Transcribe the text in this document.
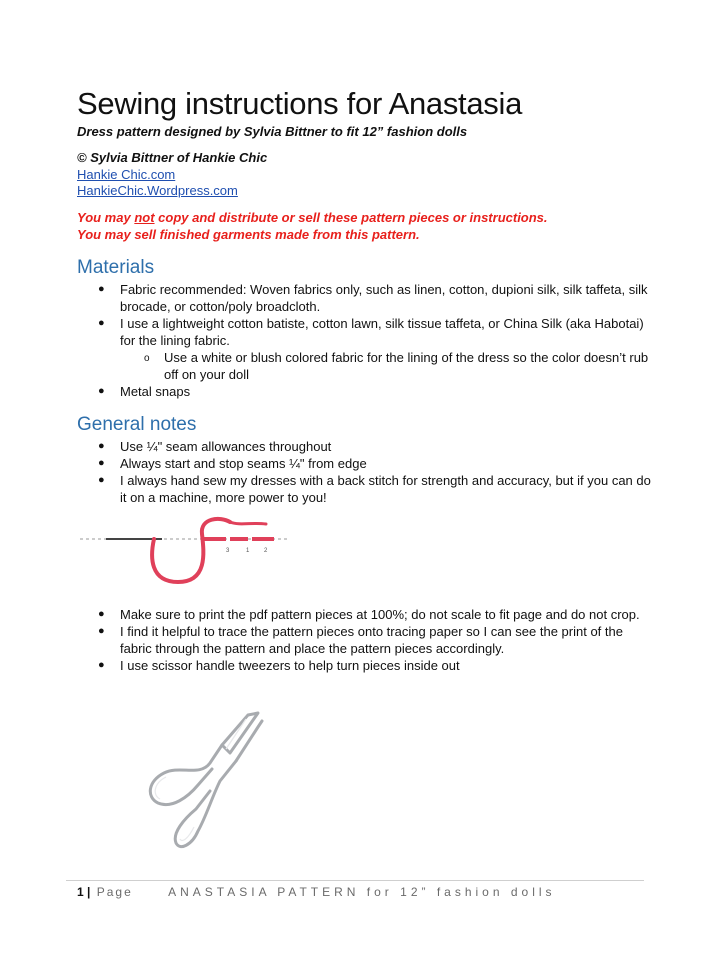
Sewing instructions for Anastasia
Dress pattern designed by Sylvia Bittner to fit 12” fashion dolls
© Sylvia Bittner of Hankie Chic
Hankie Chic.com
HankieChic.Wordpress.com
You may not copy and distribute or sell these pattern pieces or instructions.
You may sell finished garments made from this pattern.
Materials
● Fabric recommended: Woven fabrics only, such as linen, cotton, dupioni silk, silk taffeta, silk brocade, or cotton/poly broadcloth.
● I use a lightweight cotton batiste, cotton lawn, silk tissue taffeta, or China Silk (aka Habotai) for the lining fabric.
o Use a white or blush colored fabric for the lining of the dress so the color doesn’t rub off on your doll
● Metal snaps
General notes
● Use ¼" seam allowances throughout
● Always start and stop seams ¼" from edge
● I always hand sew my dresses with a back stitch for strength and accuracy, but if you can do it on a machine, more power to you!
3	1 2
● Make sure to print the pdf pattern pieces at 100%; do not scale to fit page and do not crop.
● I find it helpful to trace the pattern pieces onto tracing paper so I can see the print of the fabric through the pattern and place the pattern pieces accordingly.
● I use scissor handle tweezers to help turn pieces inside out
1 | Page	ANASTASIA PATTERN for 12” fashion dolls
